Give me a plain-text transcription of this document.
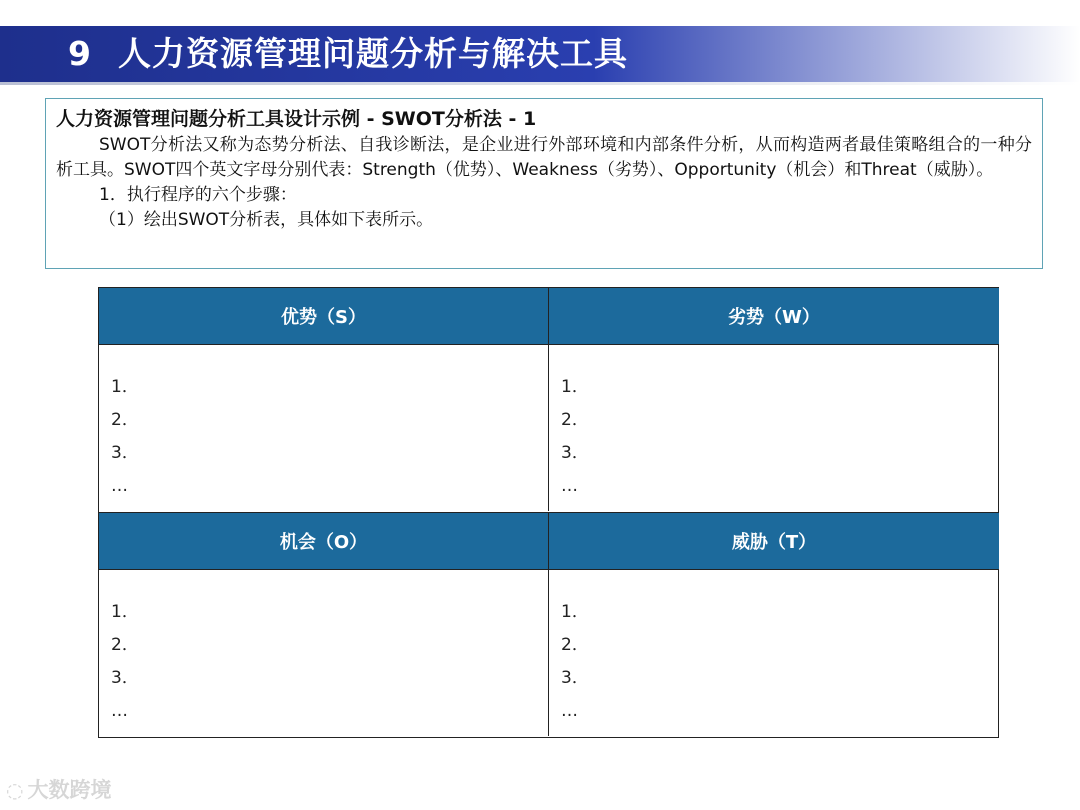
9 人力资源管理问题分析与解决工具
人力资源管理问题分析工具设计示例 - SWOT分析法 - 1
SWOT分析法又称为态势分析法、自我诊断法，是企业进行外部环境和内部条件分析，从而构造两者最佳策略组合的一种分析工具。SWOT四个英文字母分别代表：Strength（优势）、Weakness（劣势）、Opportunity（机会）和Threat（威胁）。
1．执行程序的六个步骤：
（1）绘出SWOT分析表，具体如下表所示。
优势（S）
1．
2．
3．
…
劣势（W）
1．
2．
3．
…
机会（O）
1．
2．
3．
…
威胁（T）
1．
2．
3．
…
◌ 大数跨境
